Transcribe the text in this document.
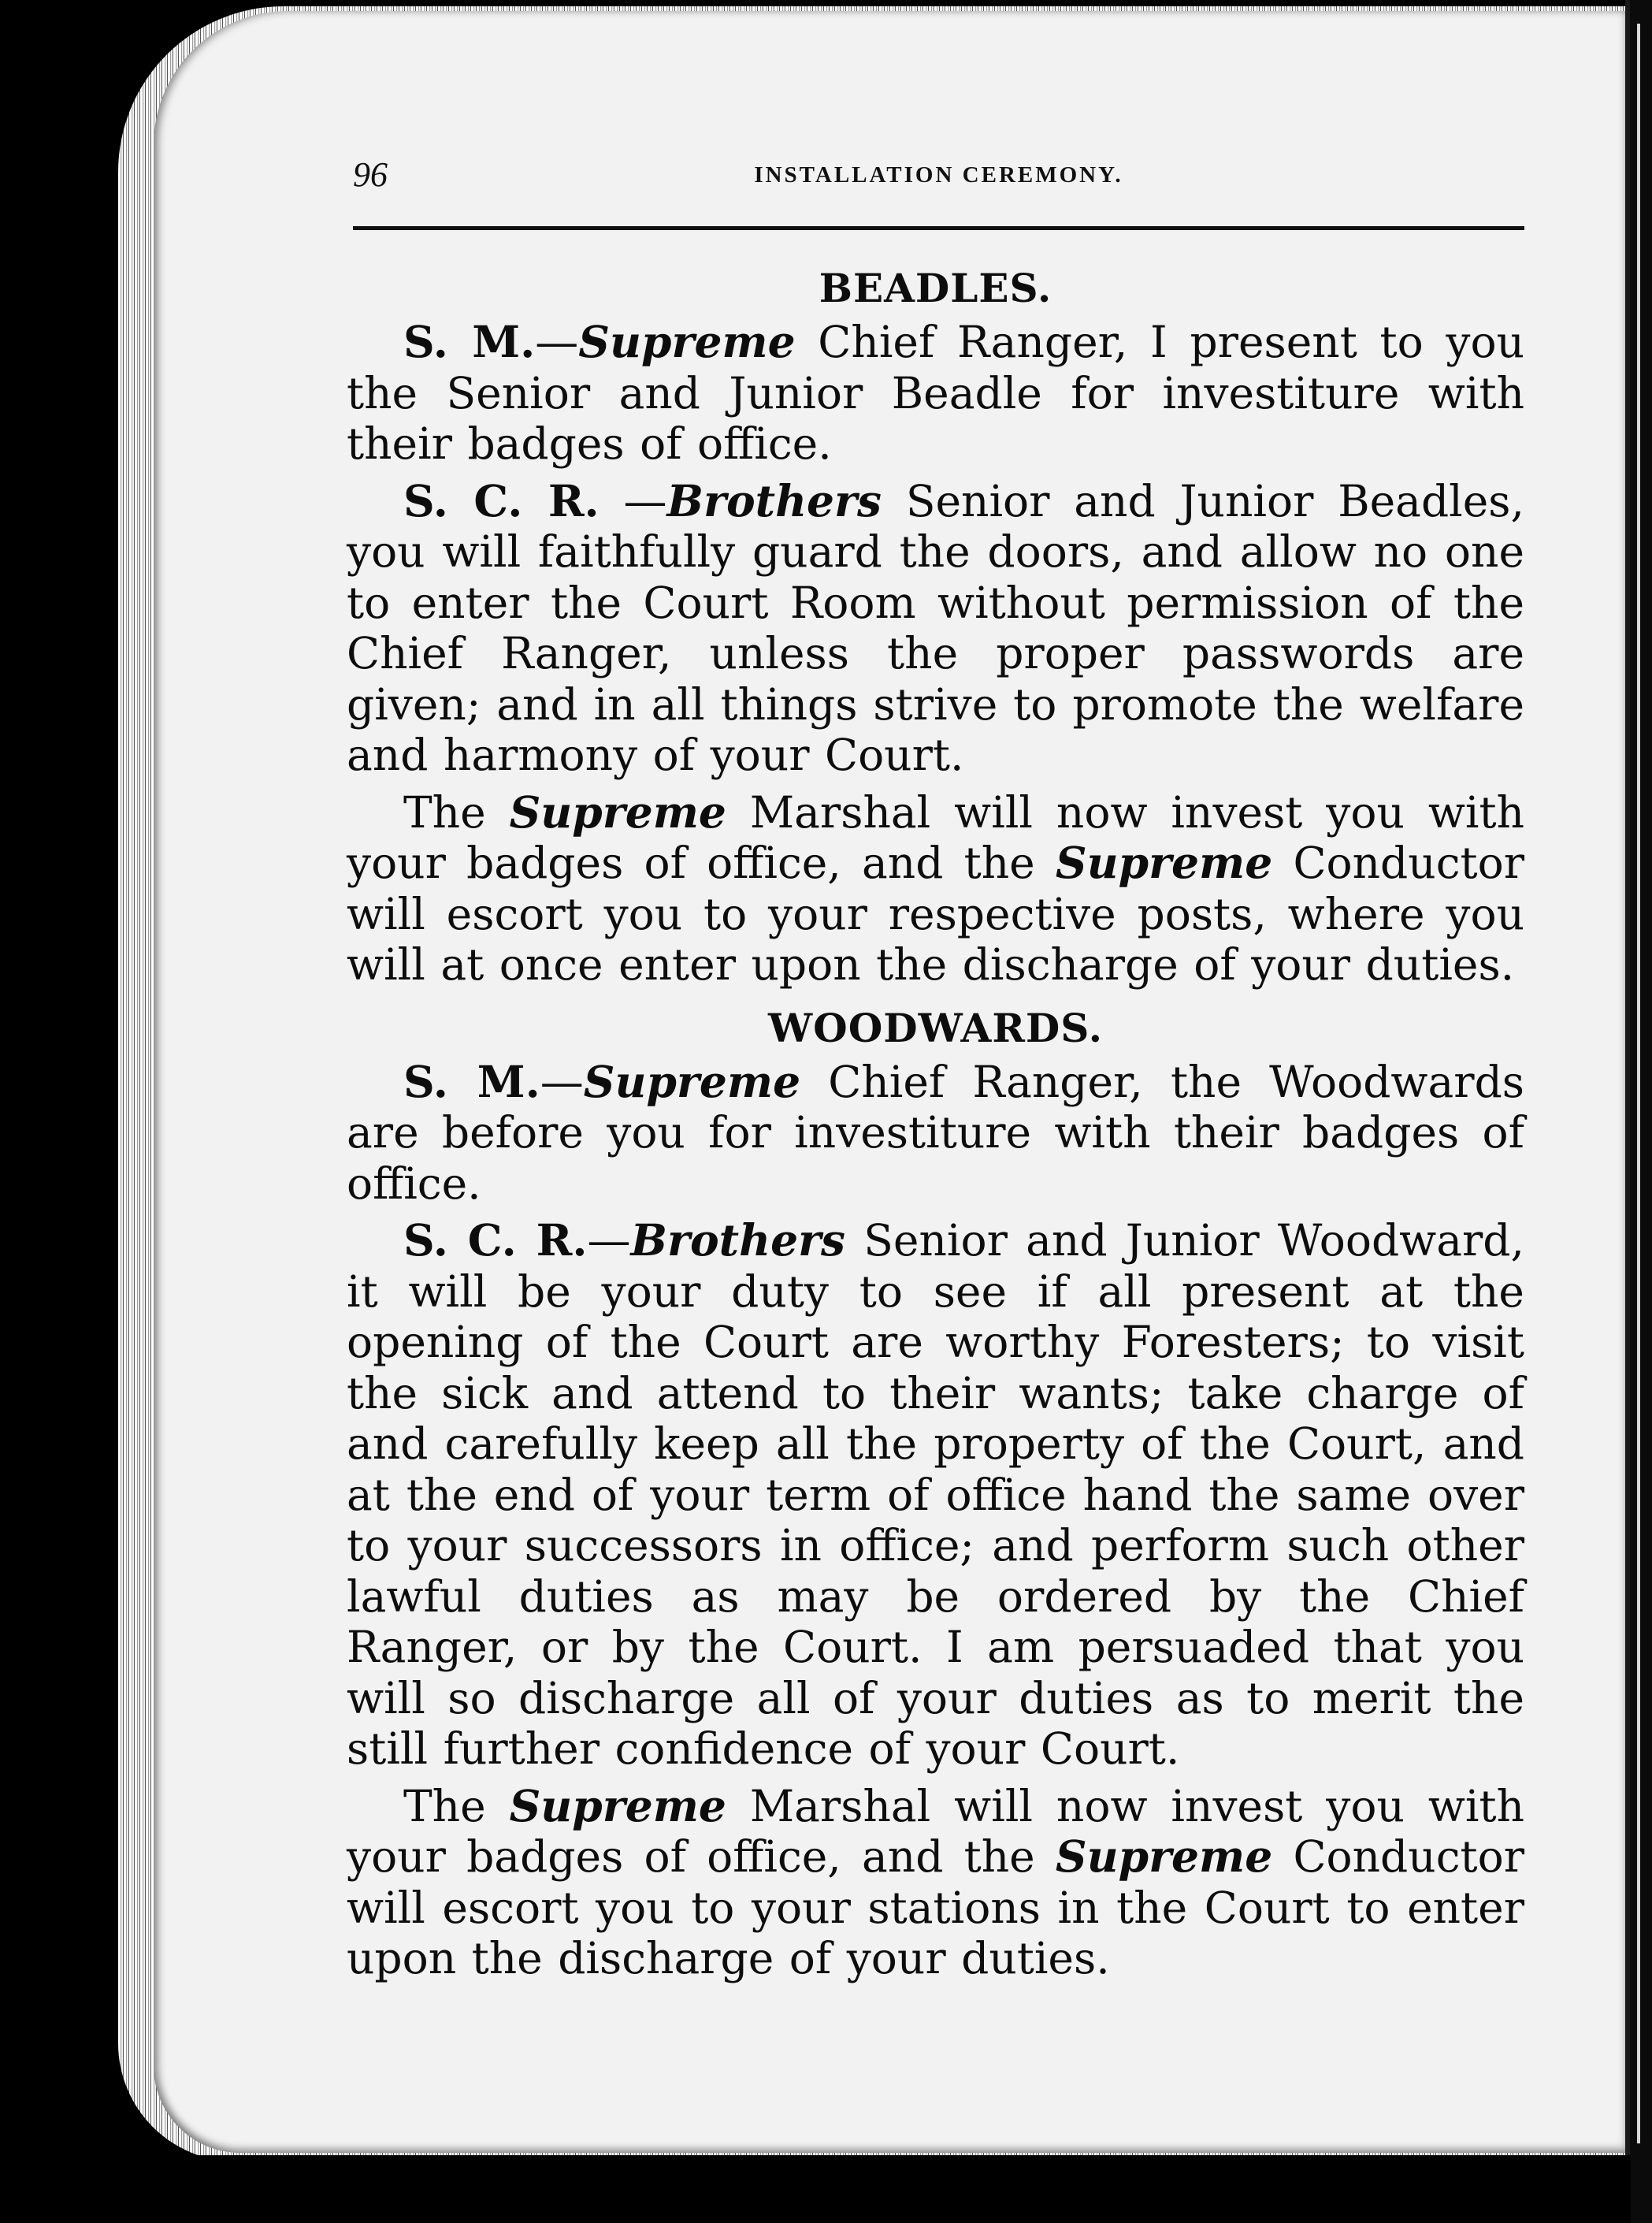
96	INSTALLATION CEREMONY.
BEADLES.

S. M.—Supreme Chief Ranger, I present to you the Senior and Junior Beadle for investiture with their badges of office.

S. C. R. —Brothers Senior and Junior Beadles, you will faithfully guard the doors, and allow no one to enter the Court Room without permission of the Chief Ranger, unless the proper passwords are given; and in all things strive to promote the welfare and harmony of your Court.

The Supreme Marshal will now invest you with your badges of office, and the Supreme Conductor will escort you to your respective posts, where you will at once enter upon the discharge of your duties.

WOODWARDS.

S. M.—Supreme Chief Ranger, the Woodwards are before you for investiture with their badges of office.

S. C. R.—Brothers Senior and Junior Woodward, it will be your duty to see if all present at the opening of the Court are worthy Foresters; to visit the sick and attend to their wants; take charge of and carefully keep all the property of the Court, and at the end of your term of office hand the same over to your successors in office; and perform such other lawful duties as may be ordered by the Chief Ranger, or by the Court. I am persuaded that you will so discharge all of your duties as to merit the still further confidence of your Court.

The Supreme Marshal will now invest you with your badges of office, and the Supreme Conductor will escort you to your stations in the Court to enter upon the discharge of your duties.
